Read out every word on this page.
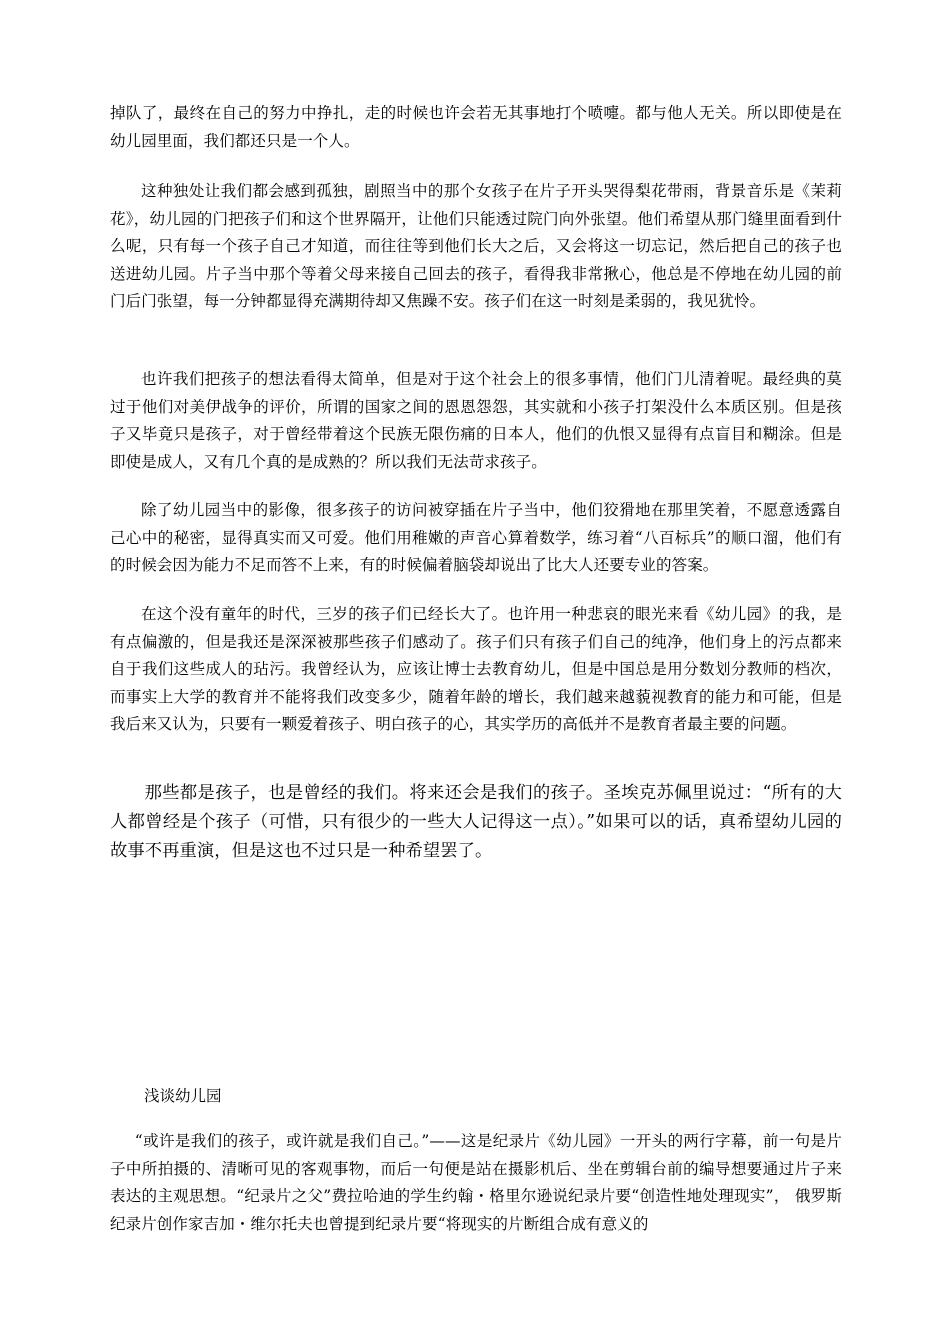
掉队了，最终在自己的努力中挣扎，走的时候也许会若无其事地打个喷嚏。都与他人无关。所以即使是在幼儿园里面，我们都还只是一个人。

这种独处让我们都会感到孤独，剧照当中的那个女孩子在片子开头哭得梨花带雨，背景音乐是《茉莉花》，幼儿园的门把孩子们和这个世界隔开，让他们只能透过院门向外张望。他们希望从那门缝里面看到什么呢，只有每一个孩子自己才知道，而往往等到他们长大之后，又会将这一切忘记，然后把自己的孩子也送进幼儿园。片子当中那个等着父母来接自己回去的孩子，看得我非常揪心，他总是不停地在幼儿园的前门后门张望，每一分钟都显得充满期待却又焦躁不安。孩子们在这一时刻是柔弱的，我见犹怜。

也许我们把孩子的想法看得太简单，但是对于这个社会上的很多事情，他们门儿清着呢。最经典的莫过于他们对美伊战争的评价，所谓的国家之间的恩恩怨怨，其实就和小孩子打架没什么本质区别。但是孩子又毕竟只是孩子，对于曾经带着这个民族无限伤痛的日本人，他们的仇恨又显得有点盲目和糊涂。但是即使是成人，又有几个真的是成熟的？所以我们无法苛求孩子。

除了幼儿园当中的影像，很多孩子的访问被穿插在片子当中，他们狡猾地在那里笑着，不愿意透露自己心中的秘密，显得真实而又可爱。他们用稚嫩的声音心算着数学，练习着“八百标兵”的顺口溜，他们有的时候会因为能力不足而答不上来，有的时候偏着脑袋却说出了比大人还要专业的答案。

在这个没有童年的时代，三岁的孩子们已经长大了。也许用一种悲哀的眼光来看《幼儿园》的我，是有点偏激的，但是我还是深深被那些孩子们感动了。孩子们只有孩子们自己的纯净，他们身上的污点都来自于我们这些成人的玷污。我曾经认为，应该让博士去教育幼儿，但是中国总是用分数划分教师的档次，而事实上大学的教育并不能将我们改变多少，随着年龄的增长，我们越来越藐视教育的能力和可能，但是我后来又认为，只要有一颗爱着孩子、明白孩子的心，其实学历的高低并不是教育者最主要的问题。

那些都是孩子，也是曾经的我们。将来还会是我们的孩子。圣埃克苏佩里说过：“所有的大人都曾经是个孩子（可惜，只有很少的一些大人记得这一点）。”如果可以的话，真希望幼儿园的故事不再重演，但是这也不过只是一种希望罢了。

浅谈幼儿园

“或许是我们的孩子，或许就是我们自己。”——这是纪录片《幼儿园》一开头的两行字幕，前一句是片子中所拍摄的、清晰可见的客观事物，而后一句便是站在摄影机后、坐在剪辑台前的编导想要通过片子来表达的主观思想。“纪录片之父”费拉哈迪的学生约翰・格里尔逊说纪录片要“创造性地处理现实”， 俄罗斯纪录片创作家吉加・维尔托夫也曾提到纪录片要“将现实的片断组合成有意义的
